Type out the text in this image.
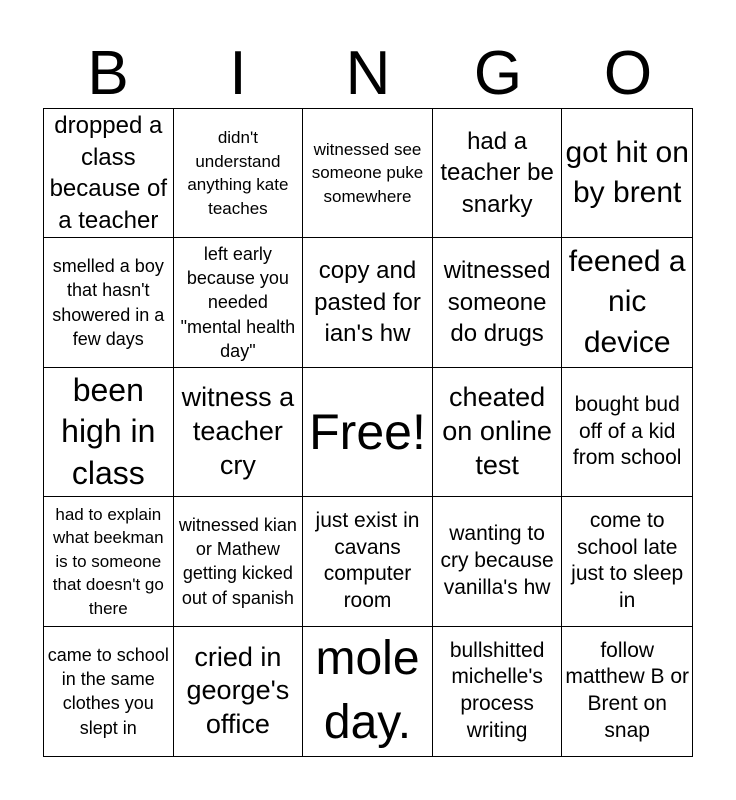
B	I	N	G	O
dropped a class because of a teacher
didn't understand anything kate teaches
witnessed see someone puke somewhere
had a teacher be snarky
got hit on by brent
smelled a boy that hasn't showered in a few days
left early because you needed "mental health day"
copy and pasted for ian's hw
witnessed someone do drugs
feened a nic device
been high in class
witness a teacher cry
Free!
cheated on online test
bought bud off of a kid from school
had to explain what beekman is to someone that doesn't go there
witnessed kian or Mathew getting kicked out of spanish
just exist in cavans computer room
wanting to cry because vanilla's hw
come to school late just to sleep in
came to school in the same clothes you slept in
cried in george's office
mole day.
bullshitted michelle's process writing
follow matthew B or Brent on snap
